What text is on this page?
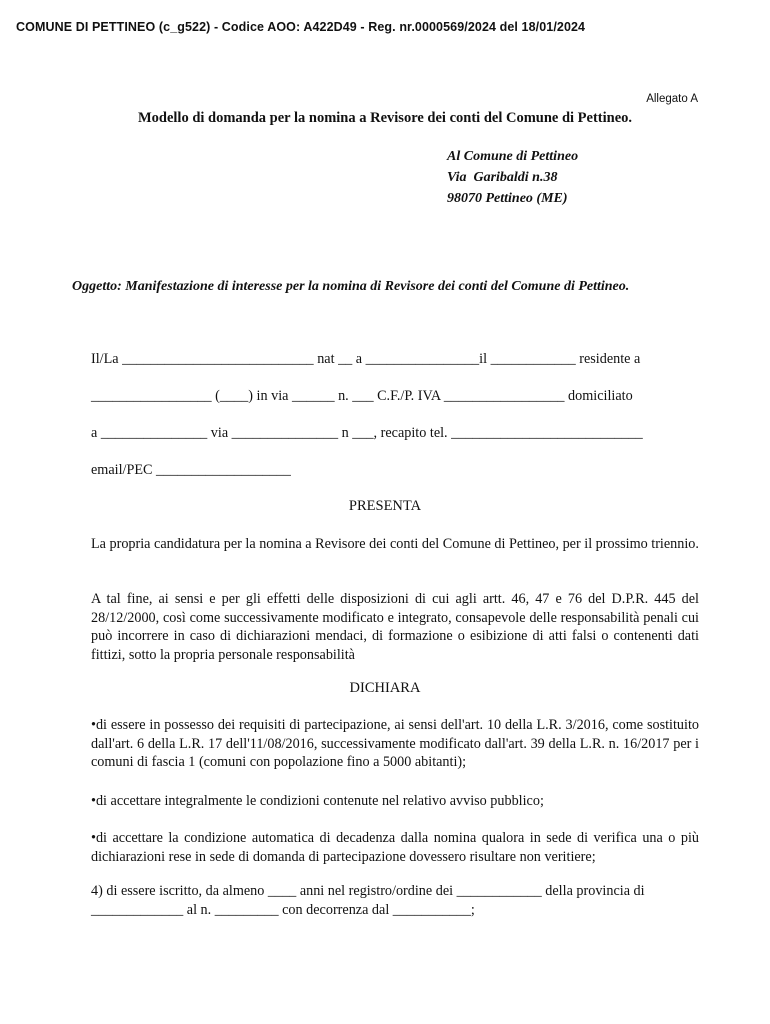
COMUNE DI PETTINEO (c_g522) - Codice AOO: A422D49 - Reg. nr.0000569/2024 del 18/01/2024
Allegato A
Modello di domanda per la nomina a Revisore dei conti del Comune di Pettineo.
Al Comune di Pettineo
Via  Garibaldi n.38
98070 Pettineo (ME)
Oggetto: Manifestazione di interesse per la nomina di Revisore dei conti del Comune di Pettineo.
Il/La ___________________________ nat __ a ________________il ____________ residente a
_________________ (____) in via ______ n. ___ C.F./P. IVA _________________ domiciliato
a _______________ via _______________ n ___, recapito tel. ___________________________
email/PEC ___________________
PRESENTA
La propria candidatura per la nomina a Revisore dei conti del Comune di Pettineo, per il prossimo triennio.
A tal fine, ai sensi e per gli effetti delle disposizioni di cui agli artt. 46, 47 e 76 del D.P.R. 445 del 28/12/2000, così come successivamente modificato e integrato, consapevole delle responsabilità penali cui può incorrere in caso di dichiarazioni mendaci, di formazione o esibizione di atti falsi o contenenti dati fittizi, sotto la propria personale responsabilità
DICHIARA
•di essere in possesso dei requisiti di partecipazione, ai sensi dell'art. 10 della L.R. 3/2016, come sostituito dall'art. 6 della L.R. 17 dell'11/08/2016, successivamente modificato dall'art. 39 della L.R. n. 16/2017 per i comuni di fascia 1 (comuni con popolazione fino a 5000 abitanti);
•di accettare integralmente le condizioni contenute nel relativo avviso pubblico;
•di accettare la condizione automatica di decadenza dalla nomina qualora in sede di verifica una o più dichiarazioni rese in sede di domanda di partecipazione dovessero risultare non veritiere;
4) di essere iscritto, da almeno ____ anni nel registro/ordine dei ____________ della provincia di
_____________ al n. _________ con decorrenza dal ___________;
